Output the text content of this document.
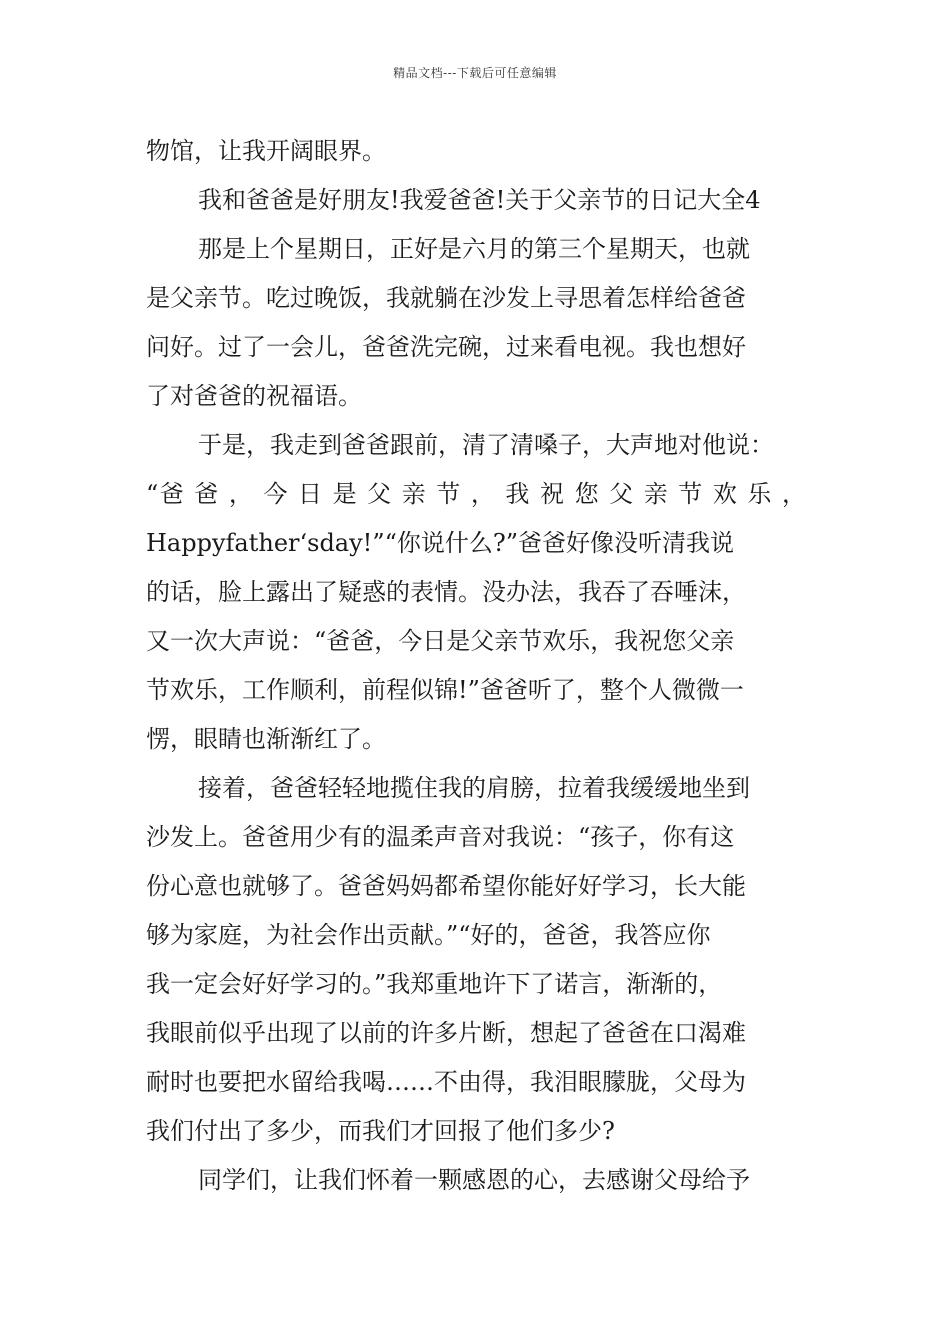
精品文档---下载后可任意编辑
物馆，让我开阔眼界。
我和爸爸是好朋友!我爱爸爸!关于父亲节的日记大全4
那是上个星期日，正好是六月的第三个星期天，也就
是父亲节。吃过晚饭，我就躺在沙发上寻思着怎样给爸爸
问好。过了一会儿，爸爸洗完碗，过来看电视。我也想好
了对爸爸的祝福语。
于是，我走到爸爸跟前，清了清嗓子，大声地对他说：
“爸 爸 ， 今 日 是 父 亲 节 ， 我 祝 您 父 亲 节 欢 乐 ，
Happyfather‘sday!”“你说什么?”爸爸好像没听清我说
的话，脸上露出了疑惑的表情。没办法，我吞了吞唾沫，
又一次大声说：“爸爸，今日是父亲节欢乐，我祝您父亲
节欢乐，工作顺利，前程似锦!”爸爸听了，整个人微微一
愣，眼睛也渐渐红了。
接着，爸爸轻轻地揽住我的肩膀，拉着我缓缓地坐到
沙发上。爸爸用少有的温柔声音对我说：“孩子，你有这
份心意也就够了。爸爸妈妈都希望你能好好学习，长大能
够为家庭，为社会作出贡献。”“好的，爸爸，我答应你
我一定会好好学习的。”我郑重地许下了诺言，渐渐的，
我眼前似乎出现了以前的许多片断，想起了爸爸在口渴难
耐时也要把水留给我喝……不由得，我泪眼朦胧，父母为
我们付出了多少，而我们才回报了他们多少?
同学们，让我们怀着一颗感恩的心，去感谢父母给予
